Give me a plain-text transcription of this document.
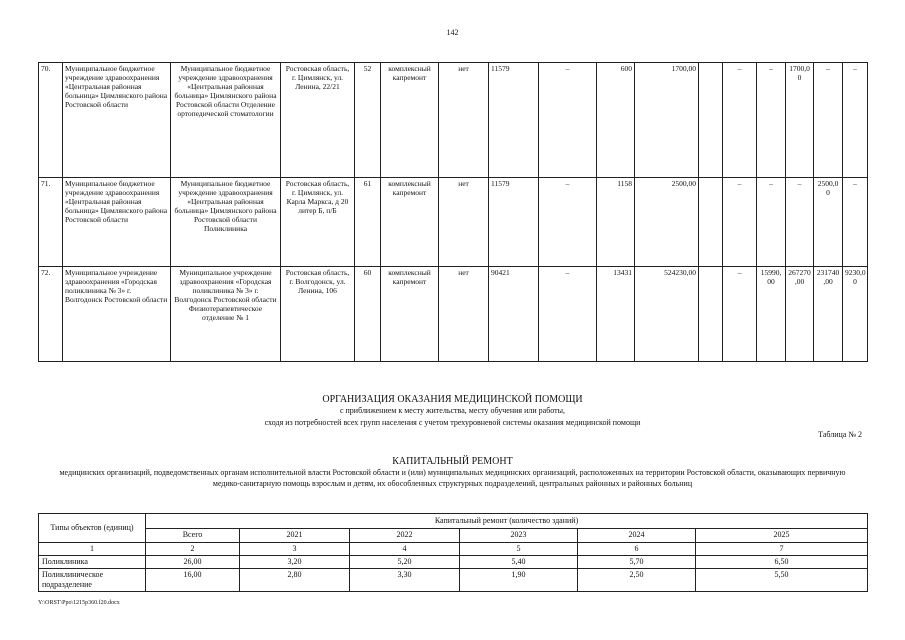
142
70.	Муниципальное бюджетное учреждение здравоохранения «Центральная районная больница» Цимлянского района Ростовской области	Муниципальное бюджетное учреждение здравоохранения «Центральная районная больница» Цимлянского района Ростовской области Отделение ортопедической стоматологии	Ростовская область, г. Цимлянск, ул. Ленина, 22/21	52	комплексный капремонт	нет	11579	–	600	1700,00		–	–	1700,0 0	–	–
71.	Муниципальное бюджетное учреждение здравоохранения «Центральная районная больница» Цимлянского района Ростовской области	Муниципальное бюджетное учреждение здравоохранения «Центральная районная больница» Цимлянского района Ростовской области Поликлиника	Ростовская область, г. Цимлянск, ул. Карла Маркса, д 20 литер Б, п/Б	61	комплексный капремонт	нет	11579	–	1158	2500,00		–	–	–	2500,0 0	–
72.	Муниципальное учреждение здравоохранения «Городская поликлиника № 3» г. Волгодонск Ростовской области	Муниципальное учреждение здравоохранения «Городская поликлиника № 3» г. Волгодонск Ростовской области Физиотерапевтическое отделение № 1	Ростовская область, г. Волгодонск, ул. Ленина, 106	60	комплексный капремонт	нет	90421	–	13431	524230,00		–	15990, 00	267270 ,00	231740 ,00	9230,0 0
ОРГАНИЗАЦИЯ ОКАЗАНИЯ МЕДИЦИНСКОЙ ПОМОЩИ
с приближением к месту жительства, месту обучения или работы,
сходя из потребностей всех групп населения с учетом трехуровневой системы оказания медицинской помощи
Таблица № 2
КАПИТАЛЬНЫЙ РЕМОНТ
медицинских организаций, подведомственных органам исполнительной власти Ростовской области и (или) муниципальных медицинских организаций, расположенных на территории Ростовской области, оказывающих первичную медико-санитарную помощь взрослым и детям, их обособленных структурных подразделений, центральных районных и районных больниц
Типы объектов (единиц)	Капитальный ремонт (количество зданий)					
	Всего	2021	2022	2023	2024	2025
1	2	3	4	5	6	7
Поликлиника	26,00	3,20	5,20	5,40	5,70	6,50
Поликлиническое подразделение	16,00	2,80	3,30	1,90	2,50	5,50
Y:\ORST\Ppo\1215p360.f20.docx
